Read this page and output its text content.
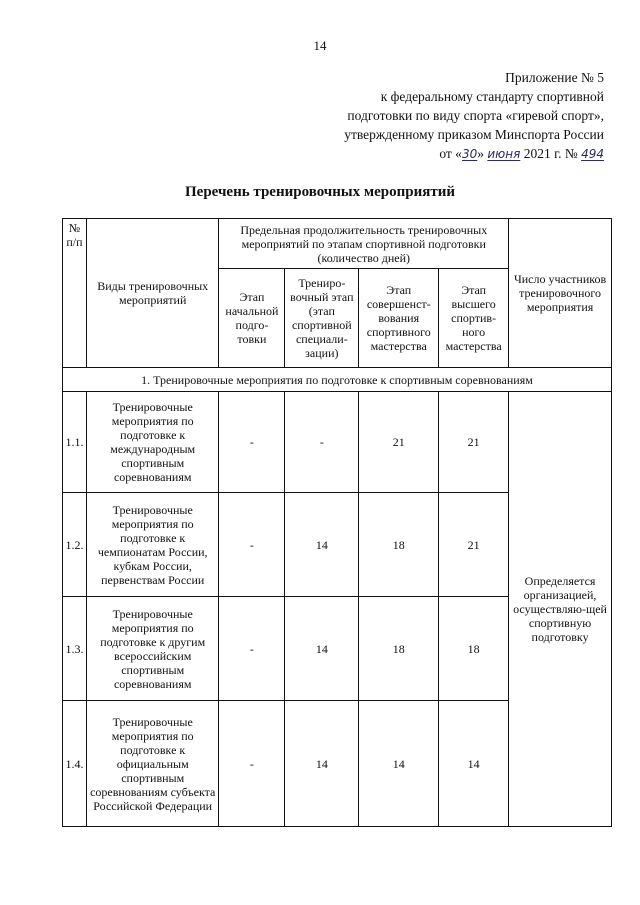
14
Приложение № 5
к федеральному стандарту спортивной
подготовки по виду спорта «гиревой спорт»,
утвержденному приказом Минспорта России
от «30» июня 2021 г. № 494
Перечень тренировочных мероприятий
№ п/п	Виды тренировочных мероприятий	Предельная продолжительность тренировочных мероприятий по этапам спортивной подготовки (количество дней)				Число участников тренировочного мероприятия
		Этап начальной подго-товки	Трениро-вочный этап (этап спортивной специали-зации)	Этап совершенст-вования спортивного мастерства	Этап высшего спортив-ного мастерства	
1. Тренировочные мероприятия по подготовке к спортивным соревнованиям						
1.1.	Тренировочные мероприятия по подготовке к международным спортивным соревнованиям	-	-	21	21	Определяется организацией, осуществляю-щей спортивную подготовку
1.2.	Тренировочные мероприятия по подготовке к чемпионатам России, кубкам России, первенствам России	-	14	18	21	
1.3.	Тренировочные мероприятия по подготовке к другим всероссийским спортивным соревнованиям	-	14	18	18	
1.4.	Тренировочные мероприятия по подготовке к официальным спортивным соревнованиям субъекта Российской Федерации	-	14	14	14	
